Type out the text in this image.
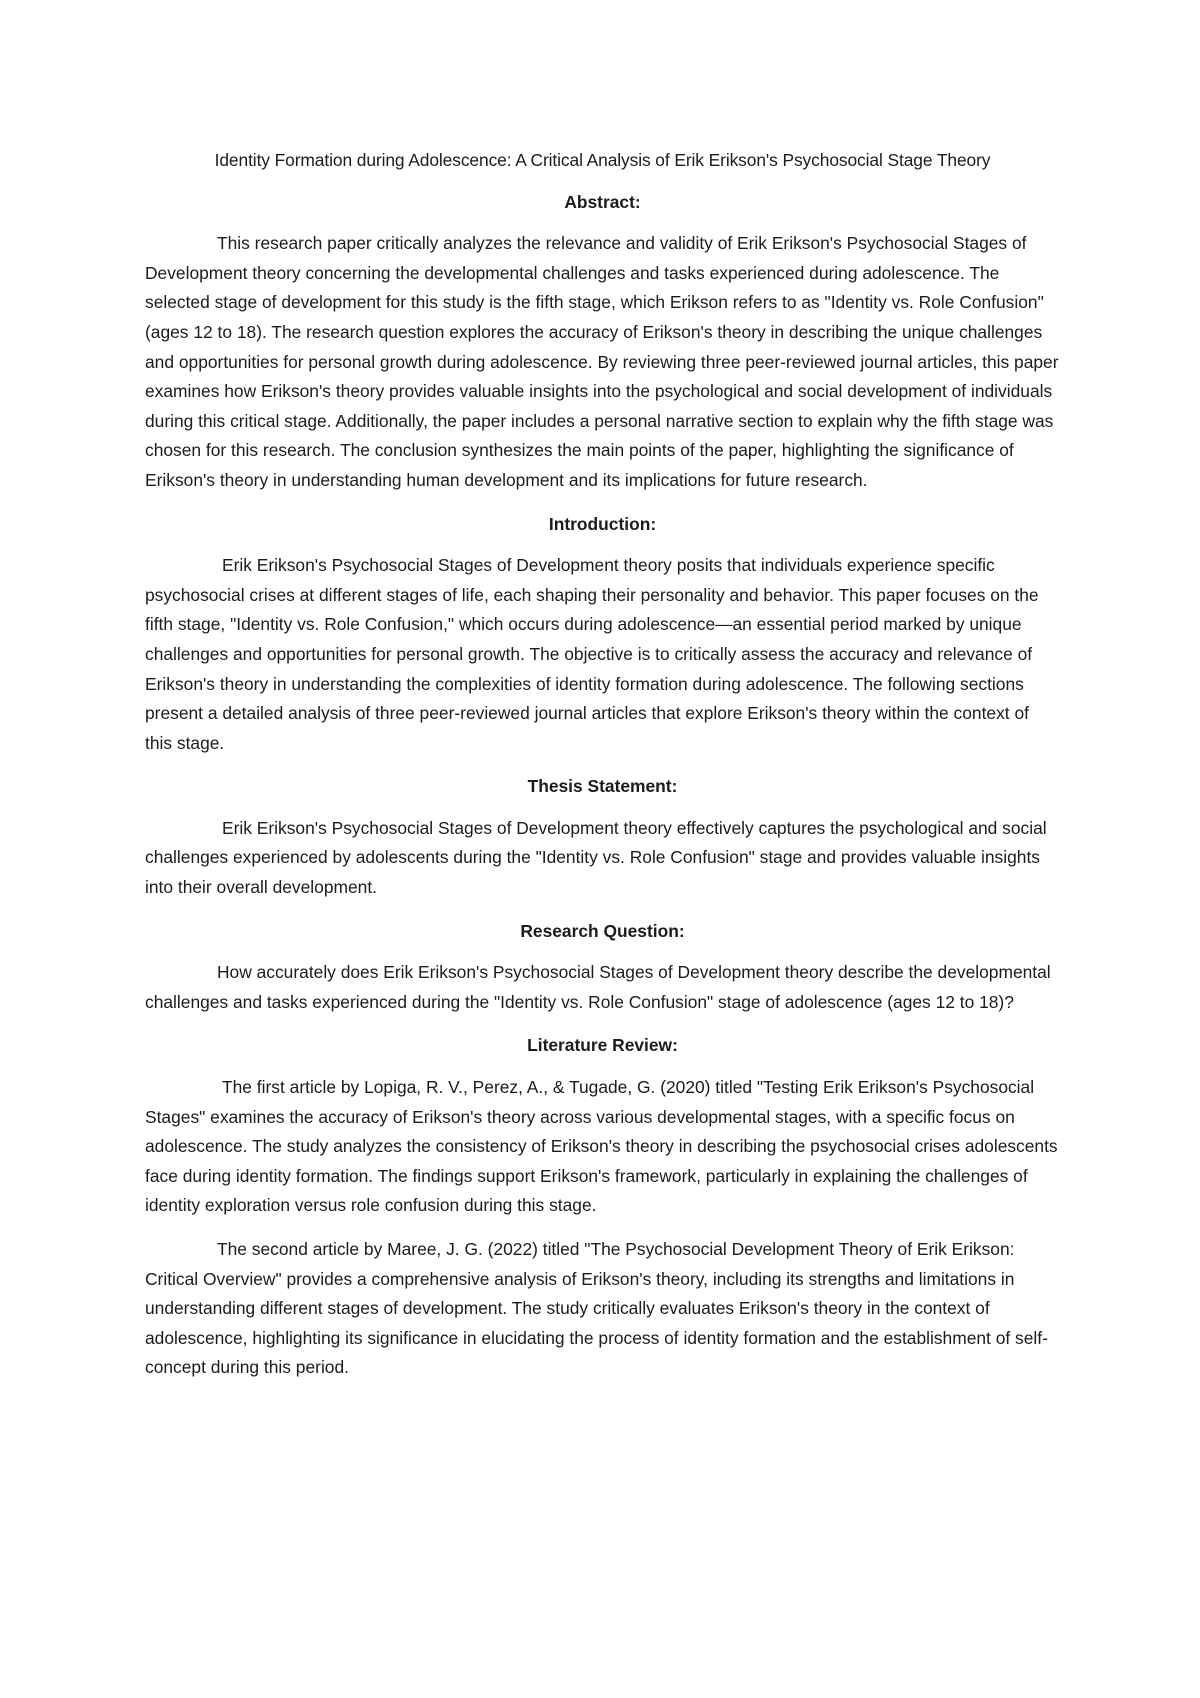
Identity Formation during Adolescence: A Critical Analysis of Erik Erikson's Psychosocial Stage Theory

Abstract:

This research paper critically analyzes the relevance and validity of Erik Erikson's Psychosocial Stages of Development theory concerning the developmental challenges and tasks experienced during adolescence. The selected stage of development for this study is the fifth stage, which Erikson refers to as "Identity vs. Role Confusion" (ages 12 to 18). The research question explores the accuracy of Erikson's theory in describing the unique challenges and opportunities for personal growth during adolescence. By reviewing three peer-reviewed journal articles, this paper examines how Erikson's theory provides valuable insights into the psychological and social development of individuals during this critical stage. Additionally, the paper includes a personal narrative section to explain why the fifth stage was chosen for this research. The conclusion synthesizes the main points of the paper, highlighting the significance of Erikson's theory in understanding human development and its implications for future research.

Introduction:

Erik Erikson's Psychosocial Stages of Development theory posits that individuals experience specific psychosocial crises at different stages of life, each shaping their personality and behavior. This paper focuses on the fifth stage, "Identity vs. Role Confusion," which occurs during adolescence—an essential period marked by unique challenges and opportunities for personal growth. The objective is to critically assess the accuracy and relevance of Erikson's theory in understanding the complexities of identity formation during adolescence. The following sections present a detailed analysis of three peer-reviewed journal articles that explore Erikson's theory within the context of this stage.

Thesis Statement:

Erik Erikson's Psychosocial Stages of Development theory effectively captures the psychological and social challenges experienced by adolescents during the "Identity vs. Role Confusion" stage and provides valuable insights into their overall development.

Research Question:

How accurately does Erik Erikson's Psychosocial Stages of Development theory describe the developmental challenges and tasks experienced during the "Identity vs. Role Confusion" stage of adolescence (ages 12 to 18)?

Literature Review:

The first article by Lopiga, R. V., Perez, A., & Tugade, G. (2020) titled "Testing Erik Erikson's Psychosocial Stages" examines the accuracy of Erikson's theory across various developmental stages, with a specific focus on adolescence. The study analyzes the consistency of Erikson's theory in describing the psychosocial crises adolescents face during identity formation. The findings support Erikson's framework, particularly in explaining the challenges of identity exploration versus role confusion during this stage.

The second article by Maree, J. G. (2022) titled "The Psychosocial Development Theory of Erik Erikson: Critical Overview" provides a comprehensive analysis of Erikson's theory, including its strengths and limitations in understanding different stages of development. The study critically evaluates Erikson's theory in the context of adolescence, highlighting its significance in elucidating the process of identity formation and the establishment of self-concept during this period.
